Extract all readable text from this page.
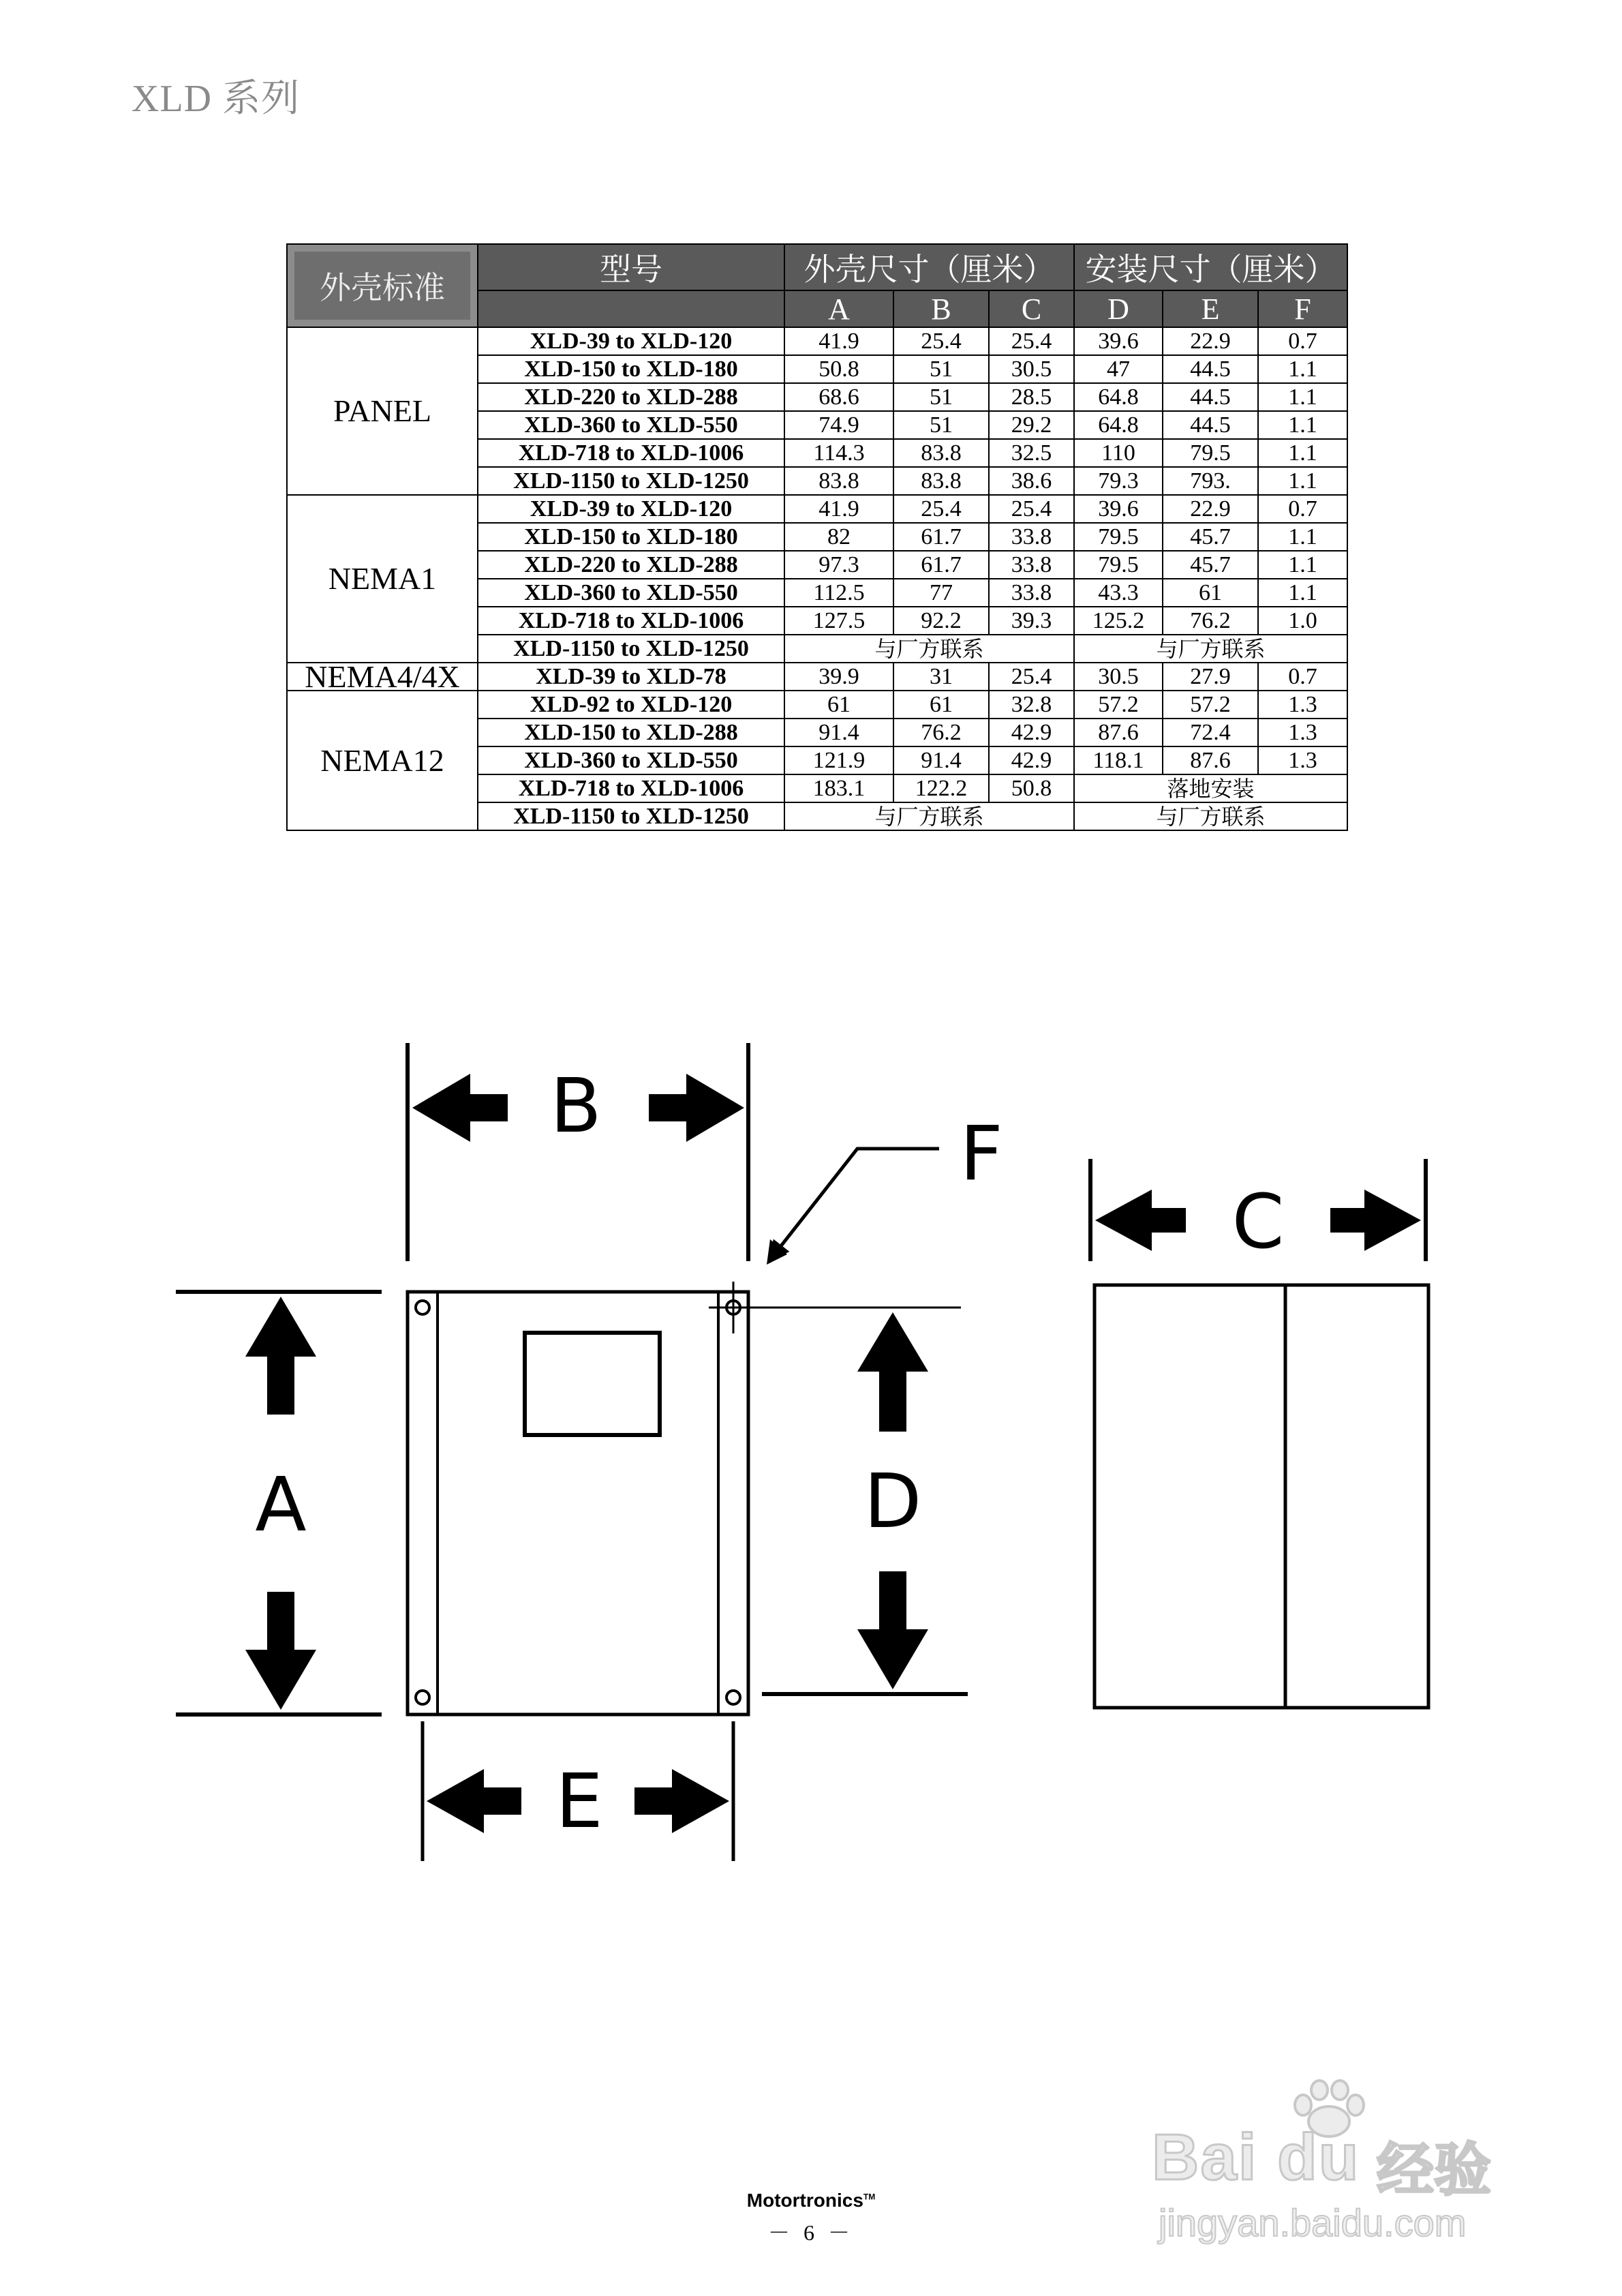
XLD 系列
外壳标准	型号	外壳尺寸（厘米）			安装尺寸（厘米）		
		A	B	C	D	E	F
PANEL	XLD-39 to XLD-120	41.9	25.4	25.4	39.6	22.9	0.7
	XLD-150 to XLD-180	50.8	51	30.5	47	44.5	1.1
	XLD-220 to XLD-288	68.6	51	28.5	64.8	44.5	1.1
	XLD-360 to XLD-550	74.9	51	29.2	64.8	44.5	1.1
	XLD-718 to XLD-1006	114.3	83.8	32.5	110	79.5	1.1
	XLD-1150 to XLD-1250	83.8	83.8	38.6	79.3	793.	1.1
NEMA1	XLD-39 to XLD-120	41.9	25.4	25.4	39.6	22.9	0.7
	XLD-150 to XLD-180	82	61.7	33.8	79.5	45.7	1.1
	XLD-220 to XLD-288	97.3	61.7	33.8	79.5	45.7	1.1
	XLD-360 to XLD-550	112.5	77	33.8	43.3	61	1.1
	XLD-718 to XLD-1006	127.5	92.2	39.3	125.2	76.2	1.0
	XLD-1150 to XLD-1250	与厂方联系			与厂方联系		
NEMA4/4X	XLD-39 to XLD-78	39.9	31	25.4	30.5	27.9	0.7
NEMA12	XLD-92 to XLD-120	61	61	32.8	57.2	57.2	1.3
	XLD-150 to XLD-288	91.4	76.2	42.9	87.6	72.4	1.3
	XLD-360 to XLD-550	121.9	91.4	42.9	118.1	87.6	1.3
	XLD-718 to XLD-1006	183.1	122.2	50.8	落地安装		
	XLD-1150 to XLD-1250	与厂方联系			与厂方联系		
B
F
A	D
E
C
Bai du 经验
jingyan.baidu.com
Motortronics™
－ 6 －
